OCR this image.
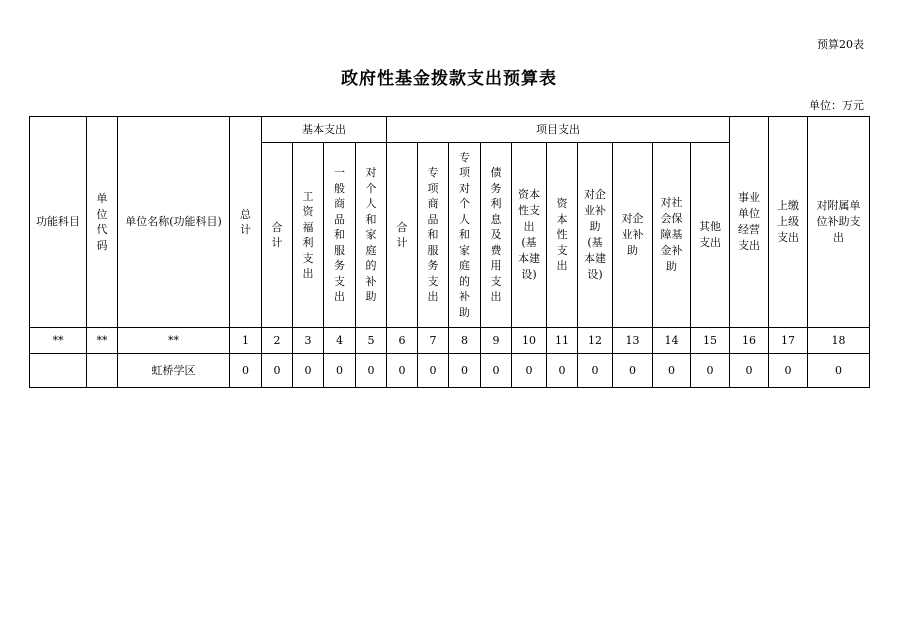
预算20表
政府性基金拨款支出预算表
单位：万元
功能科目	单位代码	单位名称(功能科目)	总计	基本支出				项目支出										事业单位经营支出	上缴上级支出	对附属单位补助支出
				合计	工资福利支出	一般商品和服务支出	对个人和家庭的补助	合计	专项商品和服务支出	专项对个人和家庭的补助	债务利息及费用支出	资本性支出(基本建设)	资本性支出	对企业补助(基本建设)	对企业补助	对社会保障基金补助	其他支出			
**	**	**	1	2	3	4	5	6	7	8	9	10	11	12	13	14	15	16	17	18
		虹桥学区	0	0	0	0	0	0	0	0	0	0	0	0	0	0	0	0	0	0
